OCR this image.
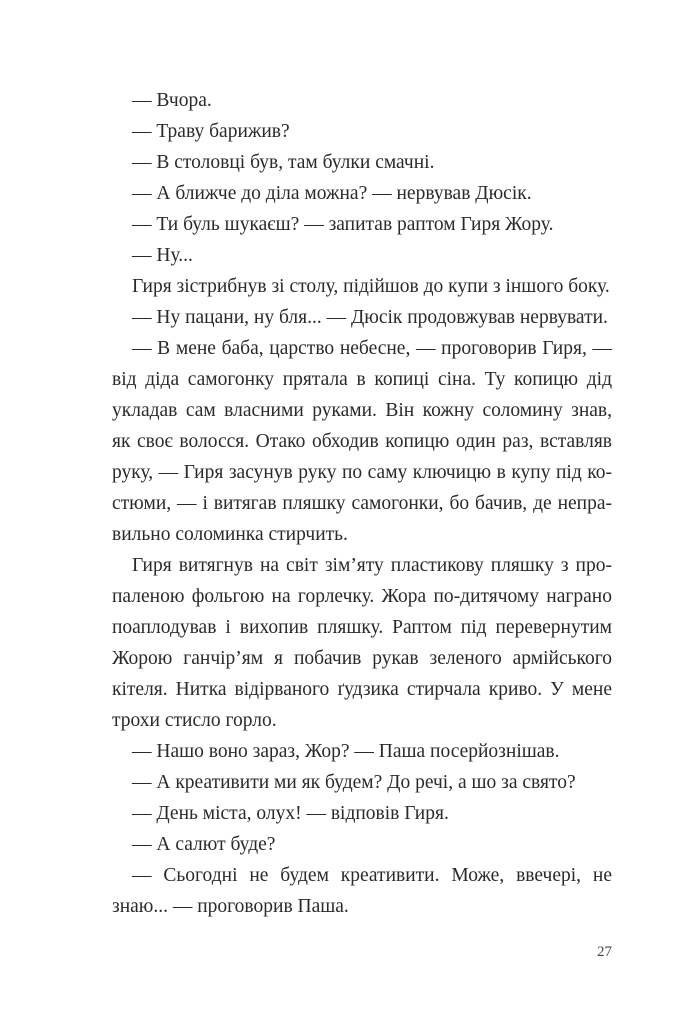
— Вчора.
— Траву барижив?
— В столовці був, там булки смачні.
— А ближче до діла можна? — нервував Дюсік.
— Ти буль шукаєш? — запитав раптом Гиря Жору.
— Ну...
Гиря зістрибнув зі столу, підійшов до купи з іншого боку.
— Ну пацани, ну бля... — Дюсік продовжував нервувати.
— В мене баба, царство небесне, — проговорив Гиря, —
від діда самогонку прятала в копиці сіна. Ту копицю дід
укладав сам власними руками. Він кожну соломину знав,
як своє волосся. Отако обходив копицю один раз, вставляв
руку, — Гиря засунув руку по саму ключицю в купу під ко-
стюми, — і витягав пляшку самогонки, бо бачив, де непра-
вильно соломинка стирчить.
Гиря витягнув на світ зім’яту пластикову пляшку з про-
паленою фольгою на горлечку. Жора по-дитячому награно
поаплодував і вихопив пляшку. Раптом під перевернутим
Жорою ганчір’ям я побачив рукав зеленого армійського
кітеля. Нитка відірваного ґудзика стирчала криво. У мене
трохи стисло горло.
— Нашо воно зараз, Жор? — Паша посерйознішав.
— А креативити ми як будем? До речі, а шо за свято?
— День міста, олух! — відповів Гиря.
— А салют буде?
— Сьогодні не будем креативити. Може, ввечері, не
знаю... — проговорив Паша.
27
